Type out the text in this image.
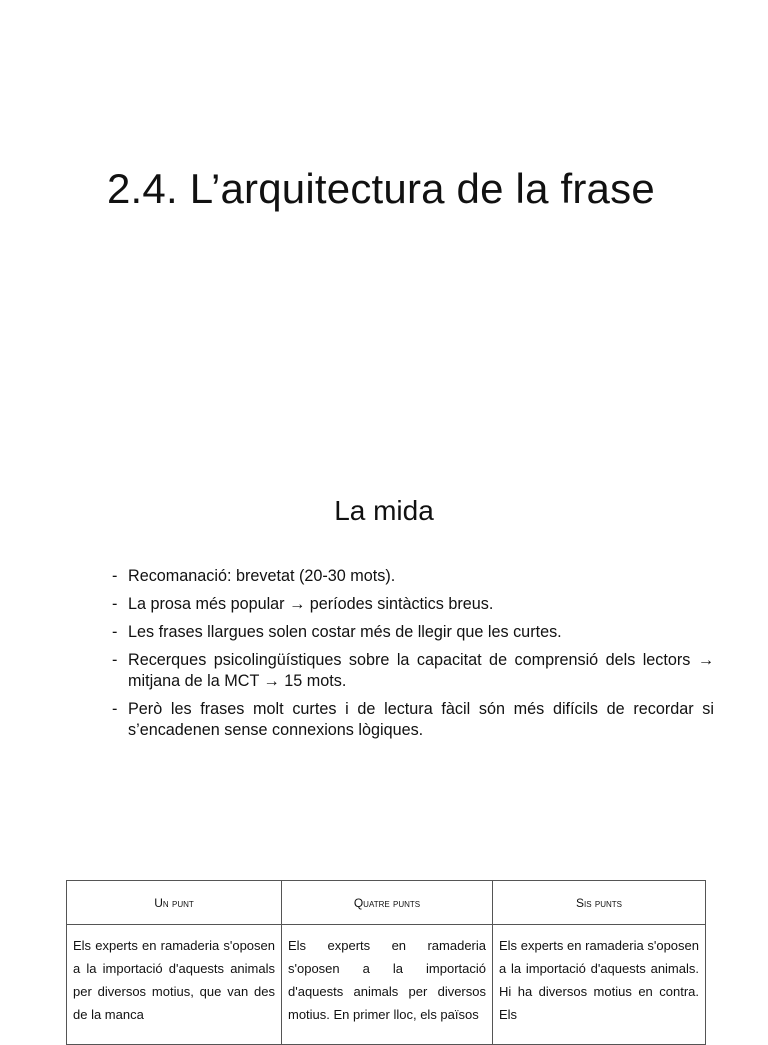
2.4. L’arquitectura de la frase
La mida
- Recomanació: brevetat (20-30 mots).
- La prosa més popular → períodes sintàctics breus.
- Les frases llargues solen costar més de llegir que les curtes.
- Recerques psicolingüístiques sobre la capacitat de comprensió dels lectors → mitjana de la MCT → 15 mots.
- Però les frases molt curtes i de lectura fàcil són més difícils de recordar si s’encadenen sense connexions lògiques.
Un punt	Quatre punts	Sis punts
Els experts en ramaderia s'oposen a la importació d'aquests animals per diversos motius, que van des de la manca	Els experts en ramaderia s'oposen a la importació d'aquests animals per diversos motius. En primer lloc, els països	Els experts en ramaderia s'oposen a la importació d'aquests animals. Hi ha diversos motius en contra. Els
